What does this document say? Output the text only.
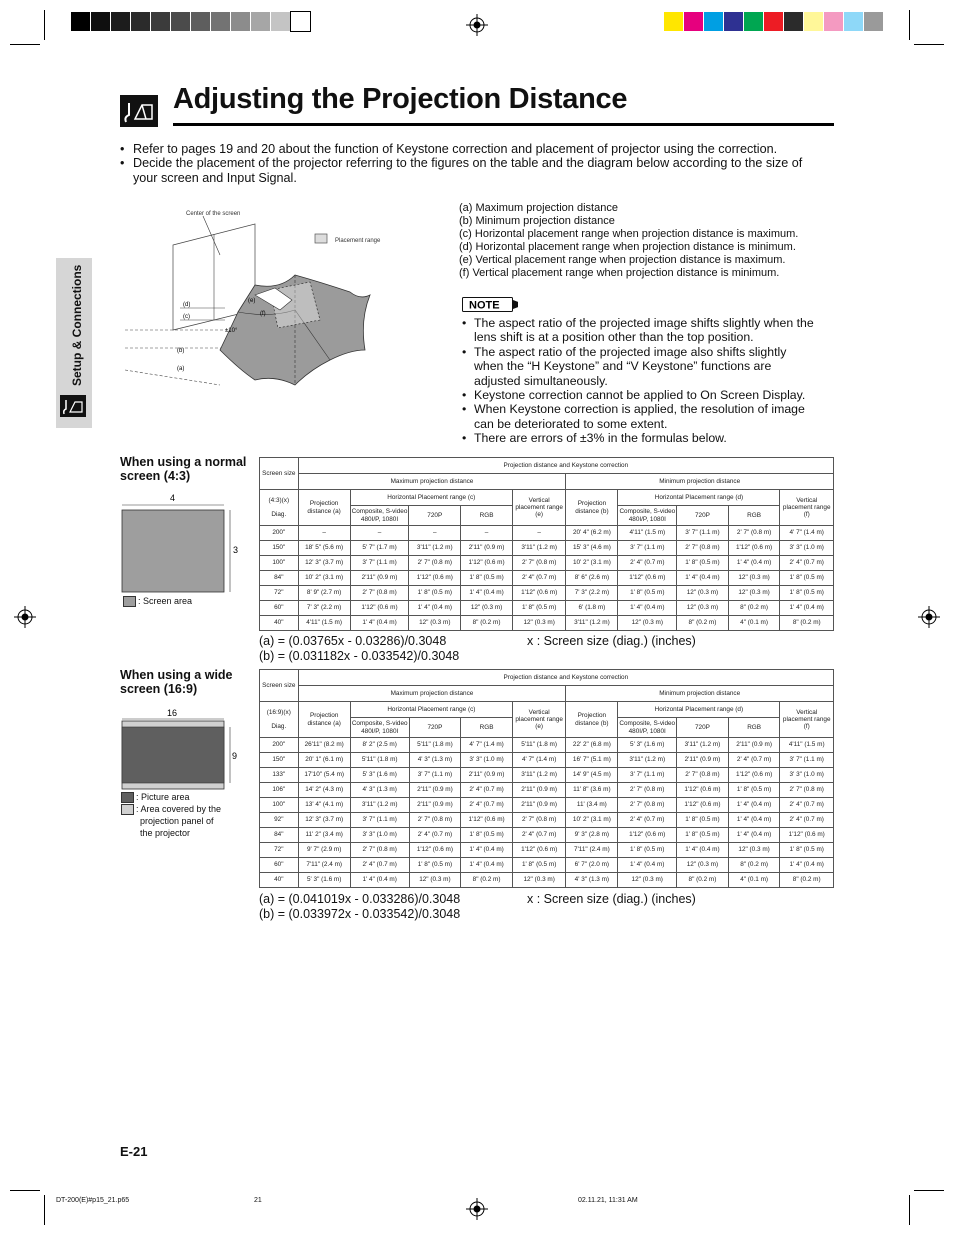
Adjusting the Projection Distance
Setup & Connections
• Refer to pages 19 and 20 about the function of Keystone correction and placement of projector using the correction.
• Decide the placement of the projector referring to the figures on the table and the diagram below according to the size of
your screen and Input Signal.
Center of the screen
Placement range
(d)
(c)
±10°
(b)
(a)
(e)
(f)
(a) Maximum projection distance
(b) Minimum projection distance
(c) Horizontal placement range when projection distance is maximum.
(d) Horizontal placement range when projection distance is minimum.
(e) Vertical placement range when projection distance is maximum.
(f) Vertical placement range when projection distance is minimum.
NOTE
• The aspect ratio of the projected image shifts slightly when the
lens shift is at a position other than the top position.
• The aspect ratio of the projected image also shifts slightly
when the “H Keystone” and “V Keystone” functions are
adjusted simultaneously.
• Keystone correction cannot be applied to On Screen Display.
• When Keystone correction is applied, the resolution of image
can be deteriorated to some extent.
• There are errors of ±3% in the formulas below.
When using a normal
screen (4:3)
4
3
: Screen area
Screen size	Projection distance and Keystone correction									
	Maximum projection distance					Minimum projection distance				
(4:3)(x)

Diag.	Projection
distance (a)	Horizontal Placement range (c)			Vertical
placement range
(e)	Projection
distance (b)	Horizontal Placement range (d)			Vertical
placement range
(f)
		Composite, S-video
480I/P, 1080I	720P	RGB			Composite, S-video
480I/P, 1080I	720P	RGB	
200"	–	–	–	–	–	20' 4" (6.2 m)	4'11" (1.5 m)	3' 7" (1.1 m)	2' 7" (0.8 m)	4' 7" (1.4 m)
150"	18' 5" (5.6 m)	5' 7" (1.7 m)	3'11" (1.2 m)	2'11" (0.9 m)	3'11" (1.2 m)	15' 3" (4.6 m)	3' 7" (1.1 m)	2' 7" (0.8 m)	1'12" (0.6 m)	3' 3" (1.0 m)
100"	12' 3" (3.7 m)	3' 7" (1.1 m)	2' 7" (0.8 m)	1'12" (0.6 m)	2' 7" (0.8 m)	10' 2" (3.1 m)	2' 4" (0.7 m)	1' 8" (0.5 m)	1' 4" (0.4 m)	2' 4" (0.7 m)
84"	10' 2" (3.1 m)	2'11" (0.9 m)	1'12" (0.6 m)	1' 8" (0.5 m)	2' 4" (0.7 m)	8' 6" (2.6 m)	1'12" (0.6 m)	1' 4" (0.4 m)	12" (0.3 m)	1' 8" (0.5 m)
72"	8' 9" (2.7 m)	2' 7" (0.8 m)	1' 8" (0.5 m)	1' 4" (0.4 m)	1'12" (0.6 m)	7' 3" (2.2 m)	1' 8" (0.5 m)	12" (0.3 m)	12" (0.3 m)	1' 8" (0.5 m)
60"	7' 3" (2.2 m)	1'12" (0.6 m)	1' 4" (0.4 m)	12" (0.3 m)	1' 8" (0.5 m)	6' (1.8 m)	1' 4" (0.4 m)	12" (0.3 m)	8" (0.2 m)	1' 4" (0.4 m)
40"	4'11" (1.5 m)	1' 4" (0.4 m)	12" (0.3 m)	8" (0.2 m)	12" (0.3 m)	3'11" (1.2 m)	12" (0.3 m)	8" (0.2 m)	4" (0.1 m)	8" (0.2 m)
(a) = (0.03765x - 0.03286)/0.3048
(b) = (0.031182x - 0.033542)/0.3048
x : Screen size (diag.) (inches)
When using a wide
screen (16:9)
16
9
: Picture area
: Area covered by the
projection panel of
the projector
Screen size	Projection distance and Keystone correction									
	Maximum projection distance					Minimum projection distance				
(16:9)(x)

Diag.	Projection
distance (a)	Horizontal Placement range (c)			Vertical
placement range
(e)	Projection
distance (b)	Horizontal Placement range (d)			Vertical
placement range
(f)
		Composite, S-video
480I/P, 1080I	720P	RGB			Composite, S-video
480I/P, 1080I	720P	RGB	
200"	26'11" (8.2 m)	8' 2" (2.5 m)	5'11" (1.8 m)	4' 7" (1.4 m)	5'11" (1.8 m)	22' 2" (6.8 m)	5' 3" (1.6 m)	3'11" (1.2 m)	2'11" (0.9 m)	4'11" (1.5 m)
150"	20' 1" (6.1 m)	5'11" (1.8 m)	4' 3" (1.3 m)	3' 3" (1.0 m)	4' 7" (1.4 m)	16' 7" (5.1 m)	3'11" (1.2 m)	2'11" (0.9 m)	2' 4" (0.7 m)	3' 7" (1.1 m)
133"	17'10" (5.4 m)	5' 3" (1.6 m)	3' 7" (1.1 m)	2'11" (0.9 m)	3'11" (1.2 m)	14' 9" (4.5 m)	3' 7" (1.1 m)	2' 7" (0.8 m)	1'12" (0.6 m)	3' 3" (1.0 m)
106"	14' 2" (4.3 m)	4' 3" (1.3 m)	2'11" (0.9 m)	2' 4" (0.7 m)	2'11" (0.9 m)	11' 8" (3.6 m)	2' 7" (0.8 m)	1'12" (0.6 m)	1' 8" (0.5 m)	2' 7" (0.8 m)
100"	13' 4" (4.1 m)	3'11" (1.2 m)	2'11" (0.9 m)	2' 4" (0.7 m)	2'11" (0.9 m)	11' (3.4 m)	2' 7" (0.8 m)	1'12" (0.6 m)	1' 4" (0.4 m)	2' 4" (0.7 m)
92"	12' 3" (3.7 m)	3' 7" (1.1 m)	2' 7" (0.8 m)	1'12" (0.6 m)	2' 7" (0.8 m)	10' 2" (3.1 m)	2' 4" (0.7 m)	1' 8" (0.5 m)	1' 4" (0.4 m)	2' 4" (0.7 m)
84"	11' 2" (3.4 m)	3' 3" (1.0 m)	2' 4" (0.7 m)	1' 8" (0.5 m)	2' 4" (0.7 m)	9' 3" (2.8 m)	1'12" (0.6 m)	1' 8" (0.5 m)	1' 4" (0.4 m)	1'12" (0.6 m)
72"	9' 7" (2.9 m)	2' 7" (0.8 m)	1'12" (0.6 m)	1' 4" (0.4 m)	1'12" (0.6 m)	7'11" (2.4 m)	1' 8" (0.5 m)	1' 4" (0.4 m)	12" (0.3 m)	1' 8" (0.5 m)
60"	7'11" (2.4 m)	2' 4" (0.7 m)	1' 8" (0.5 m)	1' 4" (0.4 m)	1' 8" (0.5 m)	6' 7" (2.0 m)	1' 4" (0.4 m)	12" (0.3 m)	8" (0.2 m)	1' 4" (0.4 m)
40"	5' 3" (1.6 m)	1' 4" (0.4 m)	12" (0.3 m)	8" (0.2 m)	12" (0.3 m)	4' 3" (1.3 m)	12" (0.3 m)	8" (0.2 m)	4" (0.1 m)	8" (0.2 m)
(a) = (0.041019x - 0.033286)/0.3048
(b) = (0.033972x - 0.033542)/0.3048
x : Screen size (diag.) (inches)
E-21
DT-200(E)#p15_21.p65	21	02.11.21, 11:31 AM
